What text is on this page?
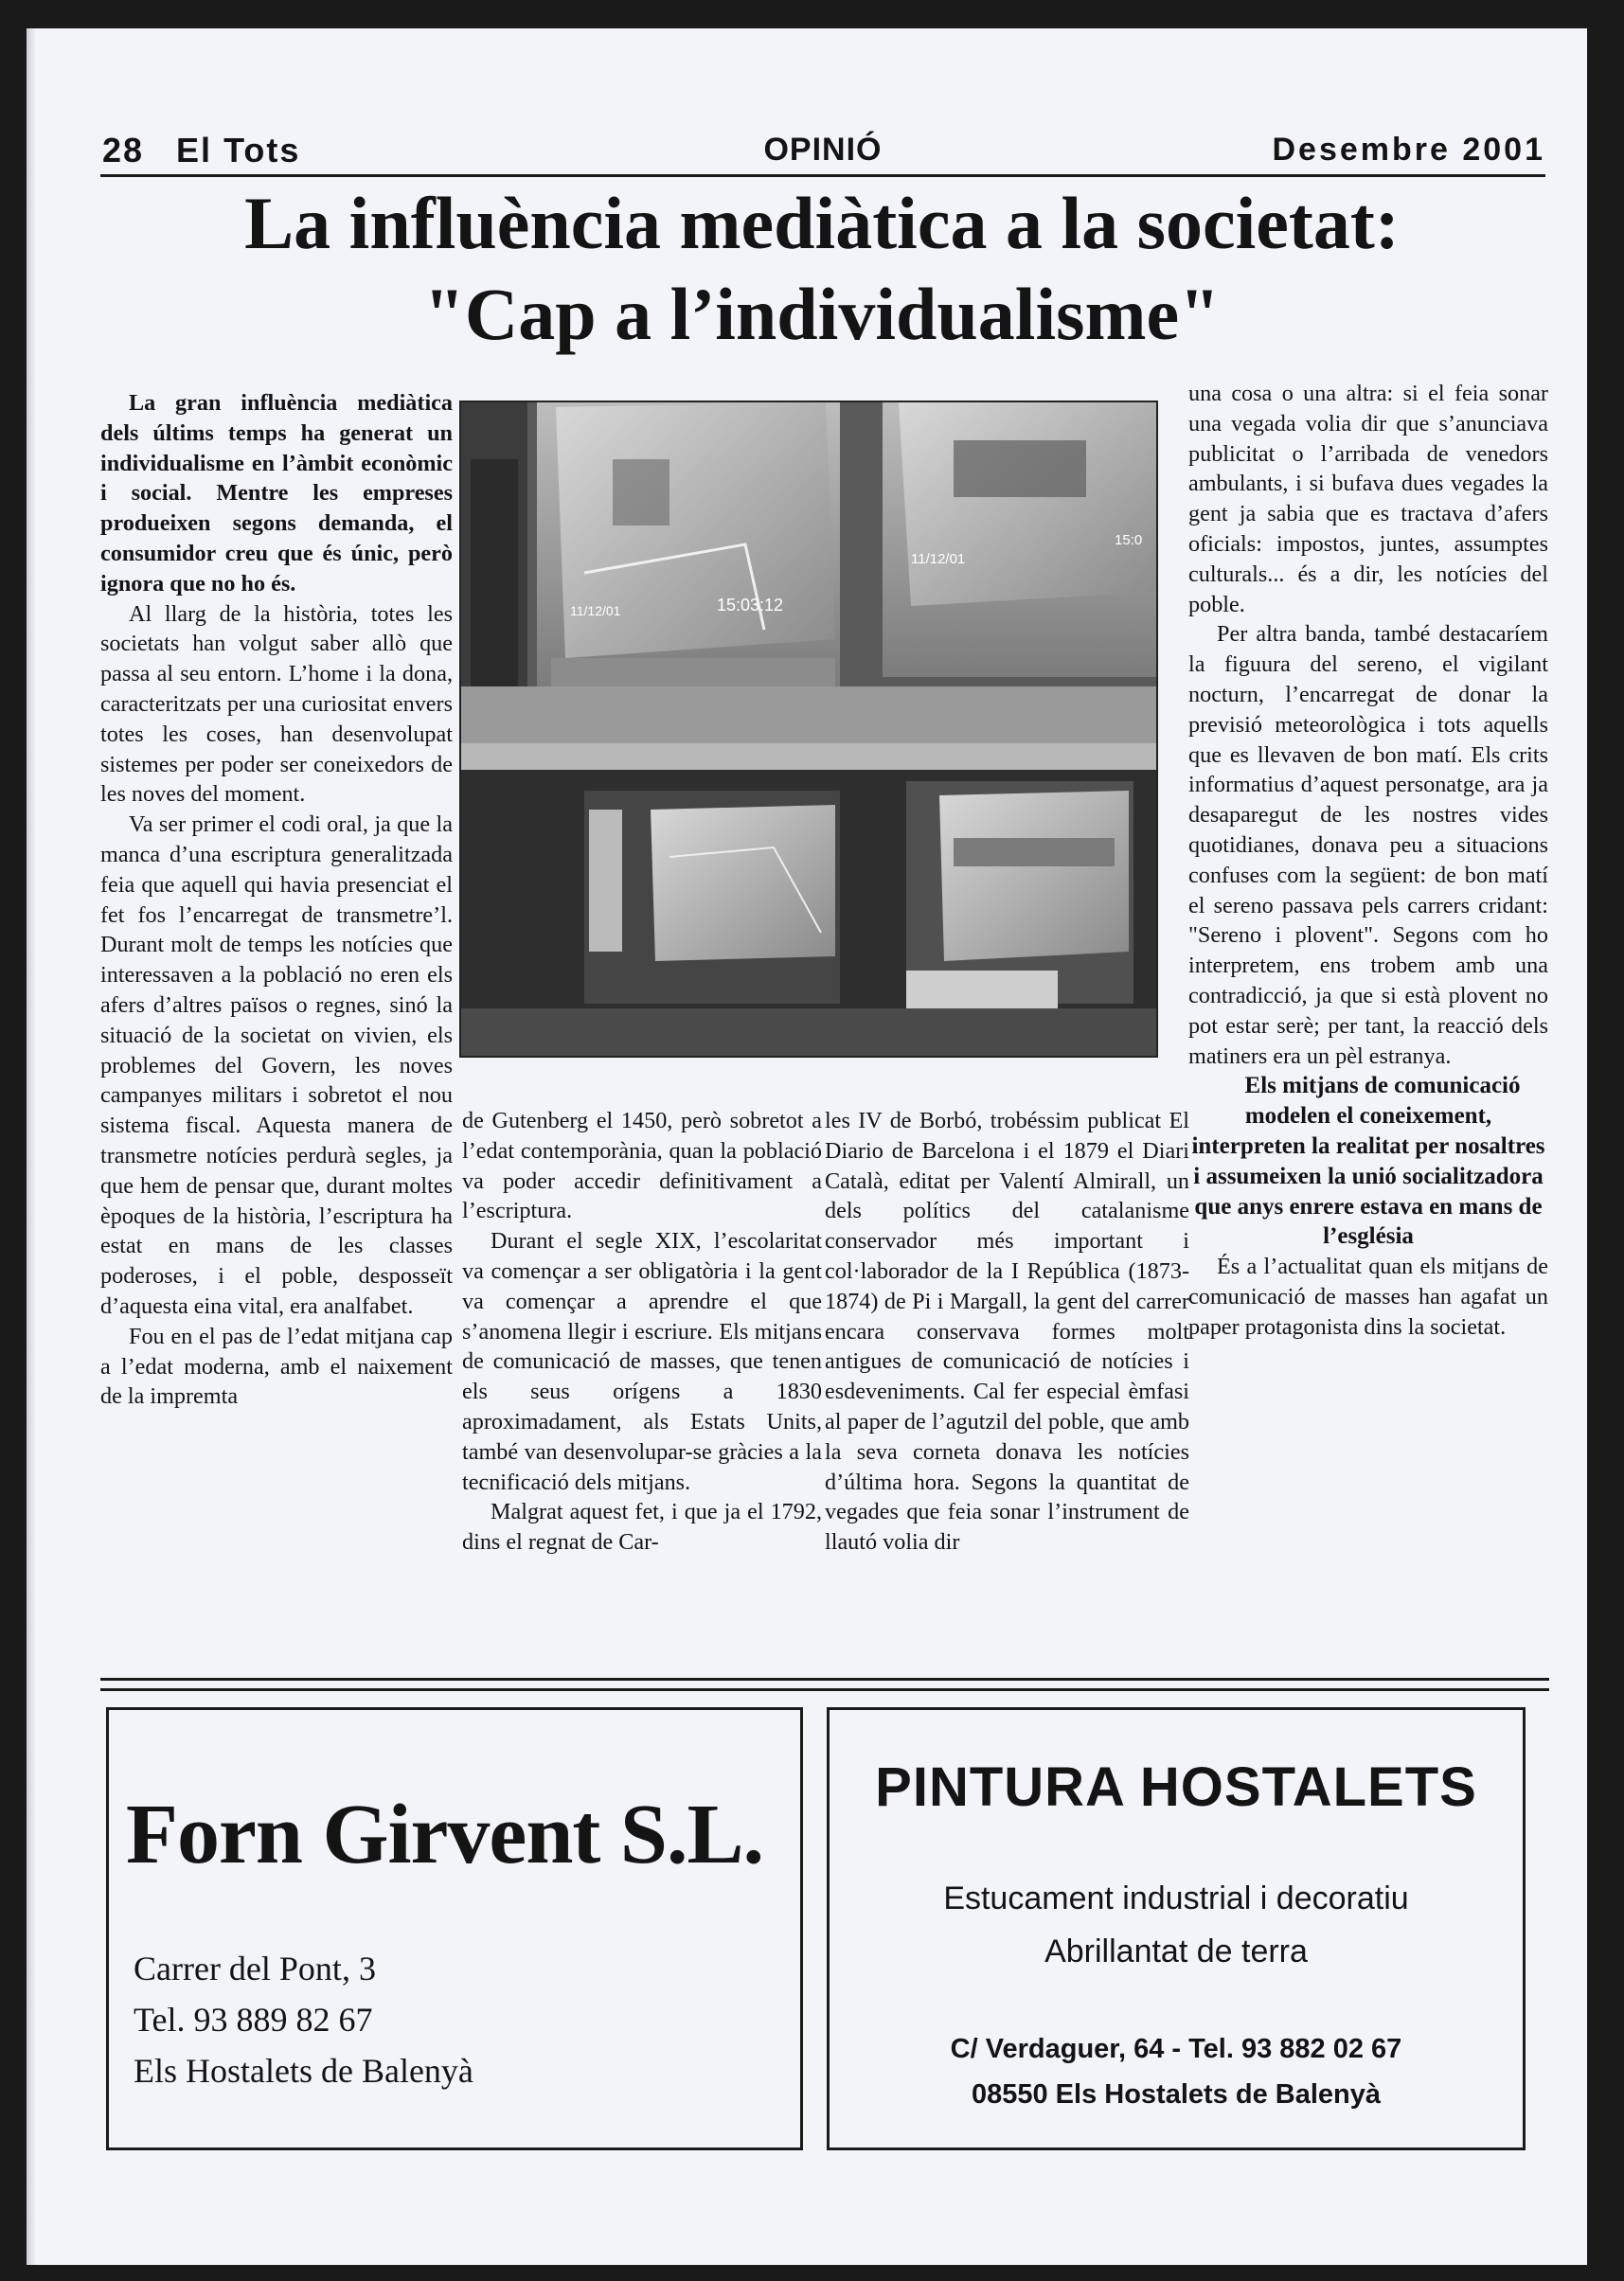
28 El Tots	OPINIÓ	Desembre 2001
La influència mediàtica a la societat:
"Cap a l’individualisme"

La gran influència mediàtica dels últims temps ha generat un individualisme en l’àmbit econòmic i social. Mentre les empreses produeixen segons demanda, el consumidor creu que és únic, però ignora que no ho és.

Al llarg de la història, totes les societats han volgut saber allò que passa al seu entorn. L’home i la dona, caracteritzats per una curiositat envers totes les coses, han desenvolupat sistemes per poder ser coneixedors de les noves del moment.

Va ser primer el codi oral, ja que la manca d’una escriptura generalitzada feia que aquell qui havia presenciat el fet fos l’encarregat de transmetre’l. Durant molt de temps les notícies que interessaven a la població no eren els afers d’altres països o regnes, sinó la situació de la societat on vivien, els problemes del Govern, les noves campanyes militars i sobretot el nou sistema fiscal. Aquesta manera de transmetre notícies perdurà segles, ja que hem de pensar que, durant moltes èpoques de la història, l’escriptura ha estat en mans de les classes poderoses, i el poble, desposseït d’aquesta eina vital, era analfabet.

Fou en el pas de l’edat mitjana cap a l’edat moderna, amb el naixement de la impremta

15:03:12
11/12/01
11/12/01
15:0

de Gutenberg el 1450, però sobretot a l’edat contemporània, quan la població va poder accedir definitivament a l’escriptura.

Durant el segle XIX, l’escolaritat va començar a ser obligatòria i la gent va començar a aprendre el que s’anomena llegir i escriure. Els mitjans de comunicació de masses, que tenen els seus orígens a 1830 aproximadament, als Estats Units, també van desenvolupar-se gràcies a la tecnificació dels mitjans.

Malgrat aquest fet, i que ja el 1792, dins el regnat de Car-

les IV de Borbó, trobéssim publicat El Diario de Barcelona i el 1879 el Diari Català, editat per Valentí Almirall, un dels polítics del catalanisme conservador més important i col·laborador de la I República (1873-1874) de Pi i Margall, la gent del carrer encara conservava formes molt antigues de comunicació de notícies i esdeveniments. Cal fer especial èmfasi al paper de l’agutzil del poble, que amb la seva corneta donava les notícies d’última hora. Segons la quantitat de vegades que feia sonar l’instrument de llautó volia dir

una cosa o una altra: si el feia sonar una vegada volia dir que s’anunciava publicitat o l’arribada de venedors ambulants, i si bufava dues vegades la gent ja sabia que es tractava d’afers oficials: impostos, juntes, assumptes culturals... és a dir, les notícies del poble.

Per altra banda, també destacaríem la figuura del sereno, el vigilant nocturn, l’encarregat de donar la previsió meteorològica i tots aquells que es llevaven de bon matí. Els crits informatius d’aquest personatge, ara ja desaparegut de les nostres vides quotidianes, donava peu a situacions confuses com la següent: de bon matí el sereno passava pels carrers cridant: "Sereno i plovent". Segons com ho interpretem, ens trobem amb una contradicció, ja que si està plovent no pot estar serè; per tant, la reacció dels matiners era un pèl estranya.

Els mitjans de comunicació modelen el coneixement, interpreten la realitat per nosaltres i assumeixen la unió socialitzadora que anys enrere estava en mans de l’església

És a l’actualitat quan els mitjans de comunicació de masses han agafat un paper protagonista dins la societat.

Forn Girvent S.L.
Carrer del Pont, 3
Tel. 93 889 82 67
Els Hostalets de Balenyà
PINTURA HOSTALETS
Estucament industrial i decoratiu
Abrillantat de terra
C/ Verdaguer, 64 - Tel. 93 882 02 67
08550 Els Hostalets de Balenyà
